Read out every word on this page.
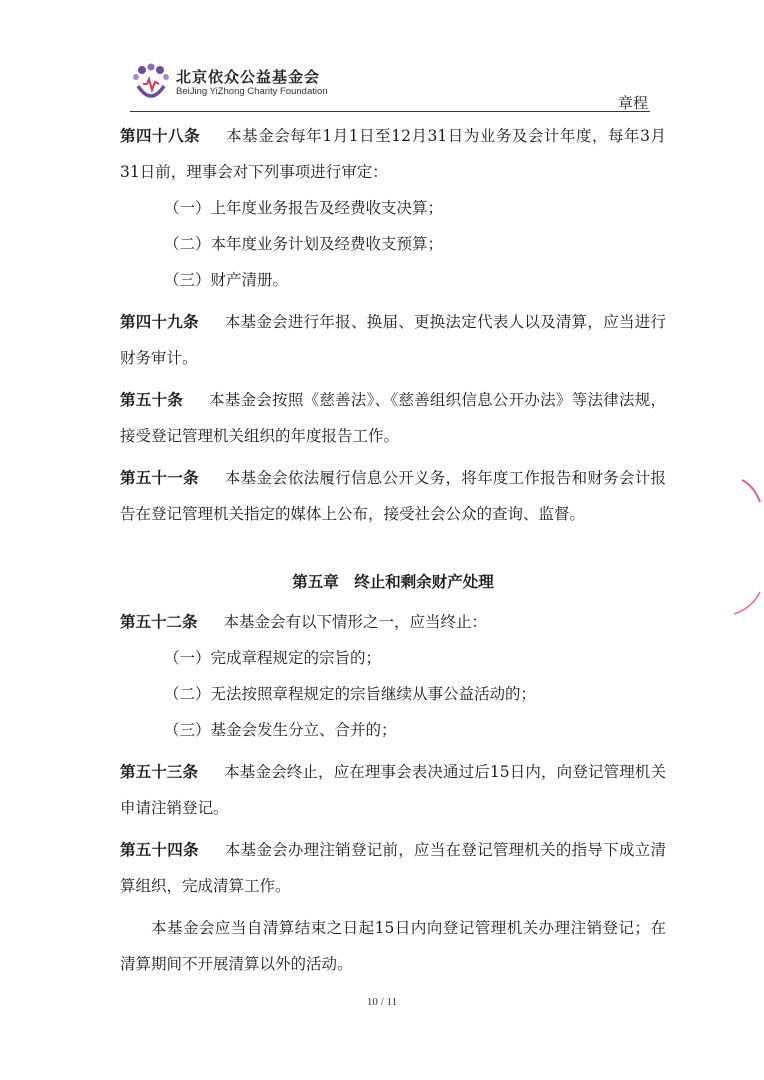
北京依众公益基金会
BeiJing YiZhong Charity Foundation
章程

第四十八条 本基金会每年1月1日至12月31日为业务及会计年度，每年3月31日前，理事会对下列事项进行审定：

（一）上年度业务报告及经费收支决算；

（二）本年度业务计划及经费收支预算；

（三）财产清册。

第四十九条 本基金会进行年报、换届、更换法定代表人以及清算，应当进行财务审计。

第五十条 本基金会按照《慈善法》、《慈善组织信息公开办法》等法律法规，接受登记管理机关组织的年度报告工作。

第五十一条 本基金会依法履行信息公开义务，将年度工作报告和财务会计报告在登记管理机关指定的媒体上公布，接受社会公众的查询、监督。

第五章　终止和剩余财产处理

第五十二条 本基金会有以下情形之一，应当终止：

（一）完成章程规定的宗旨的；

（二）无法按照章程规定的宗旨继续从事公益活动的；

（三）基金会发生分立、合并的；

第五十三条 本基金会终止，应在理事会表决通过后15日内，向登记管理机关申请注销登记。

第五十四条 本基金会办理注销登记前，应当在登记管理机关的指导下成立清算组织，完成清算工作。

本基金会应当自清算结束之日起15日内向登记管理机关办理注销登记；在清算期间不开展清算以外的活动。

10 / 11
